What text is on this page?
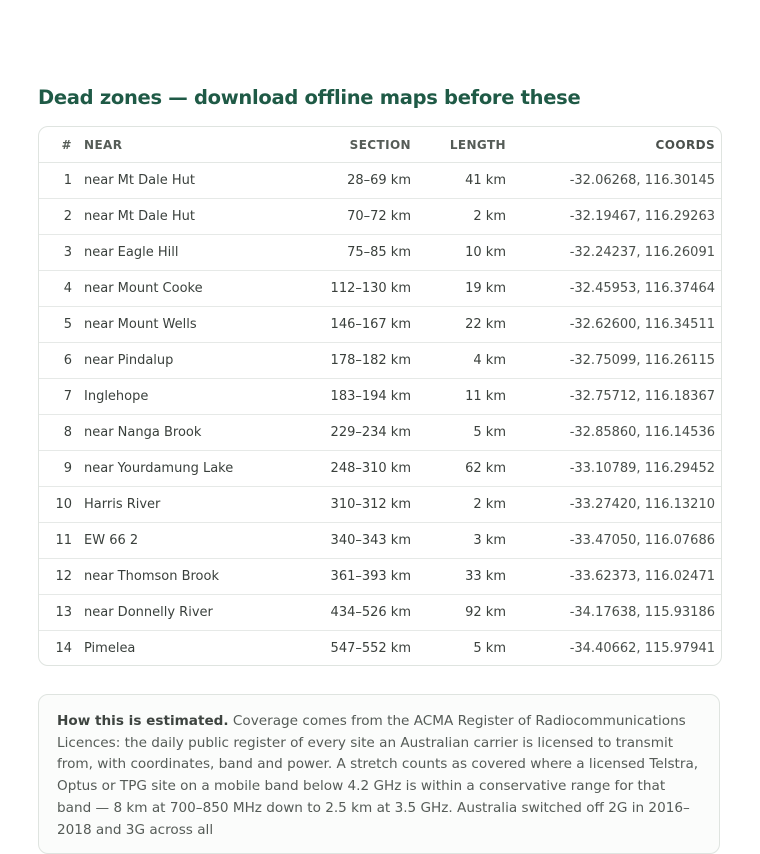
Dead zones — download offline maps before these
#	NEAR	SECTION	LENGTH	COORDS
1	near Mt Dale Hut	28–69 km	41 km	-32.06268, 116.30145
2	near Mt Dale Hut	70–72 km	2 km	-32.19467, 116.29263
3	near Eagle Hill	75–85 km	10 km	-32.24237, 116.26091
4	near Mount Cooke	112–130 km	19 km	-32.45953, 116.37464
5	near Mount Wells	146–167 km	22 km	-32.62600, 116.34511
6	near Pindalup	178–182 km	4 km	-32.75099, 116.26115
7	Inglehope	183–194 km	11 km	-32.75712, 116.18367
8	near Nanga Brook	229–234 km	5 km	-32.85860, 116.14536
9	near Yourdamung Lake	248–310 km	62 km	-33.10789, 116.29452
10	Harris River	310–312 km	2 km	-33.27420, 116.13210
11	EW 66 2	340–343 km	3 km	-33.47050, 116.07686
12	near Thomson Brook	361–393 km	33 km	-33.62373, 116.02471
13	near Donnelly River	434–526 km	92 km	-34.17638, 115.93186
14	Pimelea	547–552 km	5 km	-34.40662, 115.97941

How this is estimated. Coverage comes from the ACMA Register of Radiocommunications Licences: the daily public register of every site an Australian carrier is licensed to transmit from, with coordinates, band and power. A stretch counts as covered where a licensed Telstra, Optus or TPG site on a mobile band below 4.2 GHz is within a conservative range for that band — 8 km at 700–850 MHz down to 2.5 km at 3.5 GHz. Australia switched off 2G in 2016–2018 and 3G across all
